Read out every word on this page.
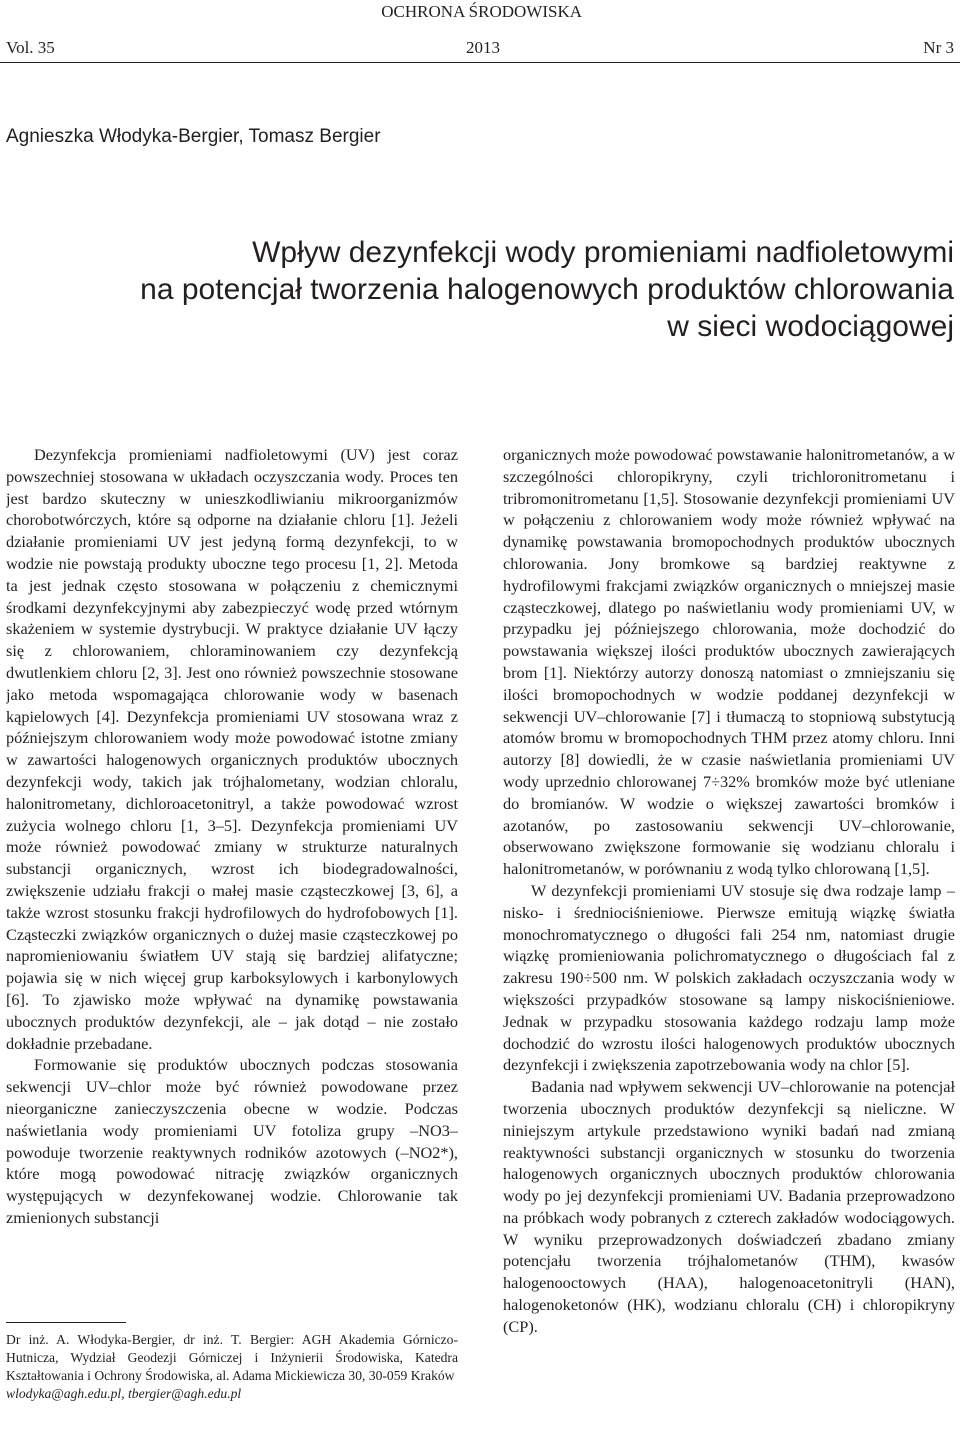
OCHRONA ŚRODOWISKA
Vol. 35	2013	Nr 3
Agnieszka Włodyka-Bergier, Tomasz Bergier
Wpływ dezynfekcji wody promieniami nadfioletowymi
na potencjał tworzenia halogenowych produktów chlorowania
w sieci wodociągowej

Dezynfekcja promieniami nadfioletowymi (UV) jest coraz powszechniej stosowana w układach oczyszczania wody. Proces ten jest bardzo skuteczny w unieszkodliwianiu mikroorganizmów chorobotwórczych, które są odporne na działanie chloru [1]. Jeżeli działanie promieniami UV jest jedyną formą dezynfekcji, to w wodzie nie powstają produkty uboczne tego procesu [1, 2]. Metoda ta jest jednak często stosowana w połączeniu z chemicznymi środkami dezynfekcyjnymi aby zabezpieczyć wodę przed wtórnym skażeniem w systemie dystrybucji. W praktyce działanie UV łączy się z chlorowaniem, chloraminowaniem czy dezynfekcją dwutlenkiem chloru [2, 3]. Jest ono również powszechnie stosowane jako metoda wspomagająca chlorowanie wody w basenach kąpielowych [4]. Dezynfekcja promieniami UV stosowana wraz z późniejszym chlorowaniem wody może powodować istotne zmiany w zawartości halogenowych organicznych produktów ubocznych dezynfekcji wody, takich jak trójhalometany, wodzian chloralu, halonitrometany, dichloroacetonitryl, a także powodować wzrost zużycia wolnego chloru [1, 3–5]. Dezynfekcja promieniami UV może również powodować zmiany w strukturze naturalnych substancji organicznych, wzrost ich biodegradowalności, zwiększenie udziału frakcji o małej masie cząsteczkowej [3, 6], a także wzrost stosunku frakcji hydrofilowych do hydrofobowych [1]. Cząsteczki związków organicznych o dużej masie cząsteczkowej po napromieniowaniu światłem UV stają się bardziej alifatyczne; pojawia się w nich więcej grup karboksylowych i karbonylowych [6]. To zjawisko może wpływać na dynamikę powstawania ubocznych produktów dezynfekcji, ale – jak dotąd – nie zostało dokładnie przebadane.

Formowanie się produktów ubocznych podczas stosowania sekwencji UV–chlor może być również powodowane przez nieorganiczne zanieczyszczenia obecne w wodzie. Podczas naświetlania wody promieniami UV fotoliza grupy –NO3– powoduje tworzenie reaktywnych rodników azotowych (–NO2*), które mogą powodować nitrację związków organicznych występujących w dezynfekowanej wodzie. Chlorowanie tak zmienionych substancji

organicznych może powodować powstawanie halonitrometanów, a w szczególności chloropikryny, czyli trichloronitrometanu i tribromonitrometanu [1,5]. Stosowanie dezynfekcji promieniami UV w połączeniu z chlorowaniem wody może również wpływać na dynamikę powstawania bromopochodnych produktów ubocznych chlorowania. Jony bromkowe są bardziej reaktywne z hydrofilowymi frakcjami związków organicznych o mniejszej masie cząsteczkowej, dlatego po naświetlaniu wody promieniami UV, w przypadku jej późniejszego chlorowania, może dochodzić do powstawania większej ilości produktów ubocznych zawierających brom [1]. Niektórzy autorzy donoszą natomiast o zmniejszaniu się ilości bromopochodnych w wodzie poddanej dezynfekcji w sekwencji UV–chlorowanie [7] i tłumaczą to stopniową substytucją atomów bromu w bromopochodnych THM przez atomy chloru. Inni autorzy [8] dowiedli, że w czasie naświetlania promieniami UV wody uprzednio chlorowanej 7÷32% bromków może być utleniane do bromianów. W wodzie o większej zawartości bromków i azotanów, po zastosowaniu sekwencji UV–chlorowanie, obserwowano zwiększone formowanie się wodzianu chloralu i halonitrometanów, w porównaniu z wodą tylko chlorowaną [1,5].

W dezynfekcji promieniami UV stosuje się dwa rodzaje lamp – nisko- i średniociśnieniowe. Pierwsze emitują wiązkę światła monochromatycznego o długości fali 254 nm, natomiast drugie wiązkę promieniowania polichromatycznego o długościach fal z zakresu 190÷500 nm. W polskich zakładach oczyszczania wody w większości przypadków stosowane są lampy niskociśnieniowe. Jednak w przypadku stosowania każdego rodzaju lamp może dochodzić do wzrostu ilości halogenowych produktów ubocznych dezynfekcji i zwiększenia zapotrzebowania wody na chlor [5].

Badania nad wpływem sekwencji UV–chlorowanie na potencjał tworzenia ubocznych produktów dezynfekcji są nieliczne. W niniejszym artykule przedstawiono wyniki badań nad zmianą reaktywności substancji organicznych w stosunku do tworzenia halogenowych organicznych ubocznych produktów chlorowania wody po jej dezynfekcji promieniami UV. Badania przeprowadzono na próbkach wody pobranych z czterech zakładów wodociągowych. W wyniku przeprowadzonych doświadczeń zbadano zmiany potencjału tworzenia trójhalometanów (THM), kwasów halogenooctowych (HAA), halogenoacetonitryli (HAN), halogenoketonów (HK), wodzianu chloralu (CH) i chloropikryny (CP).

Dr inż. A. Włodyka-Bergier, dr inż. T. Bergier: AGH Akademia Górniczo-Hutnicza, Wydział Geodezji Górniczej i Inżynierii Środowiska, Katedra Kształtowania i Ochrony Środowiska, al. Adama Mickiewicza 30, 30-059 Kraków
wlodyka@agh.edu.pl, tbergier@agh.edu.pl
